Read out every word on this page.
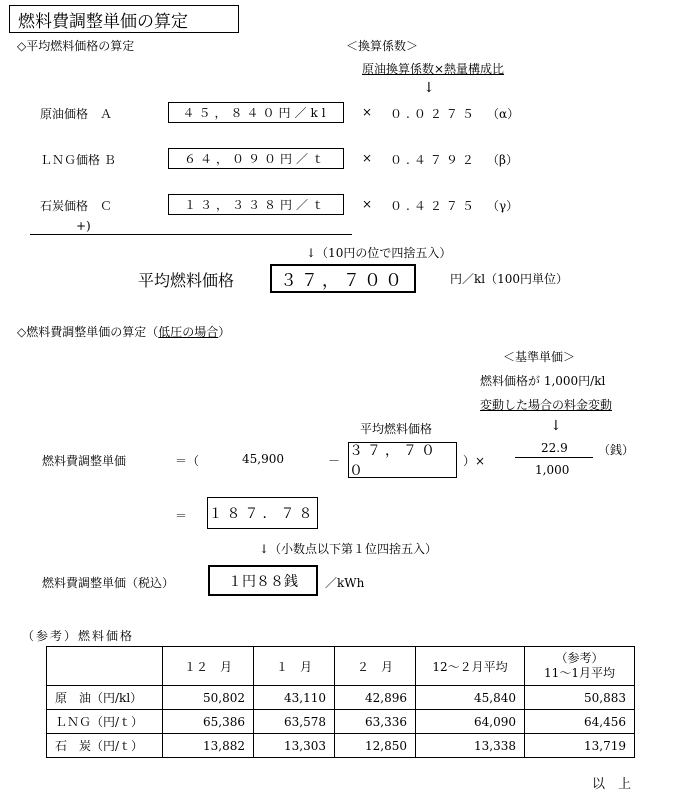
燃料費調整単価の算定
◇平均燃料価格の算定	＜換算係数＞
原油換算係数×熱量構成比
↓
原油価格　Ａ	４５，８４０円／kl	× ０.０２７５ （α）
ＬＮＧ価格 Ｂ	６４，０９０円／ｔ	× ０.４７９２ （β）
石炭価格　Ｃ	１３，３３８円／ｔ	× ０.４２７５ （γ）
+)
↓（10円の位で四捨五入）
平均燃料価格	３７，７００	円／kl（100円単位）
◇燃料費調整単価の算定（低圧の場合）
＜基準単価＞
燃料価格が 1,000円/kl
変動した場合の料金変動
↓
平均燃料価格
燃料費調整単価	＝（	45,900	－
３７，７００
）×
22.9
1,000
（銭）
＝ １８７．７８
↓（小数点以下第１位四捨五入）
燃料費調整単価（税込）	１円８８銭	／kWh
（参考）燃料価格
	１２　月	１　月	２　月	12～２月平均	（参考）
11～1月平均

原　油（円/kl）	50,802	43,110	42,896	45,840	50,883
ＬＮＧ（円/ｔ）	65,386	63,578	63,336	64,090	64,456
石　炭（円/ｔ）	13,882	13,303	12,850	13,338	13,719
以　上
